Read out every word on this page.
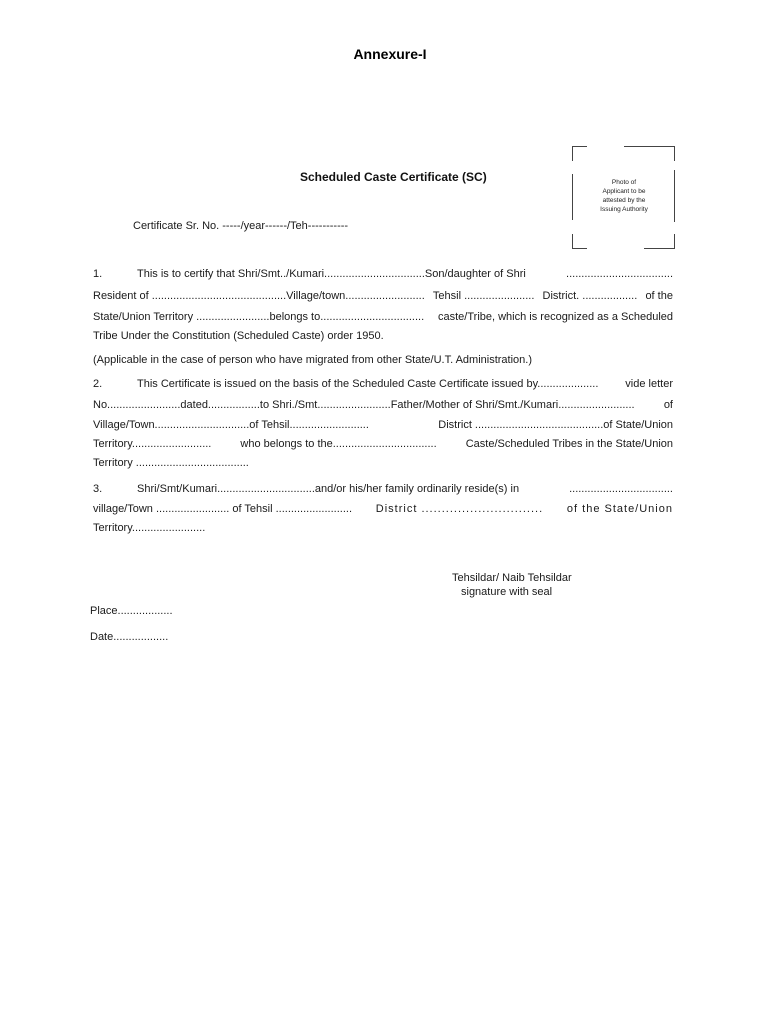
Annexure-I
Scheduled Caste Certificate (SC)	Photo of
Applicant to be
attested by the
Issuing Authority
Certificate Sr. No. -----/year------/Teh-----------
1.	This is to certify that Shri/Smt../Kumari.................................Son/daughter of Shri	...................................
Resident of ............................................Village/town.......................... Tehsil ....................... District. .................. of the
State/Union Territory ........................belongs to.................................. caste/Tribe, which is recognized as a Scheduled
Tribe Under the Constitution (Scheduled Caste) order 1950.
(Applicable in the case of person who have migrated from other State/U.T. Administration.)
2.	This Certificate is issued on the basis of the Scheduled Caste Certificate issued by.................... vide letter
No........................dated.................to Shri./Smt........................Father/Mother of Shri/Smt./Kumari.........................	of
Village/Town...............................of Tehsil..........................	District ..........................................of State/Union
Territory..........................	who belongs to the..................................	Caste/Scheduled Tribes in the State/Union
Territory .....................................
3.	Shri/Smt/Kumari................................and/or his/her family ordinarily reside(s) in	..................................
village/Town ........................ of Tehsil ......................... District .............................. of the State/Union
Territory........................
Tehsildar/ Naib Tehsildar
signature with seal
Place..................
Date..................
